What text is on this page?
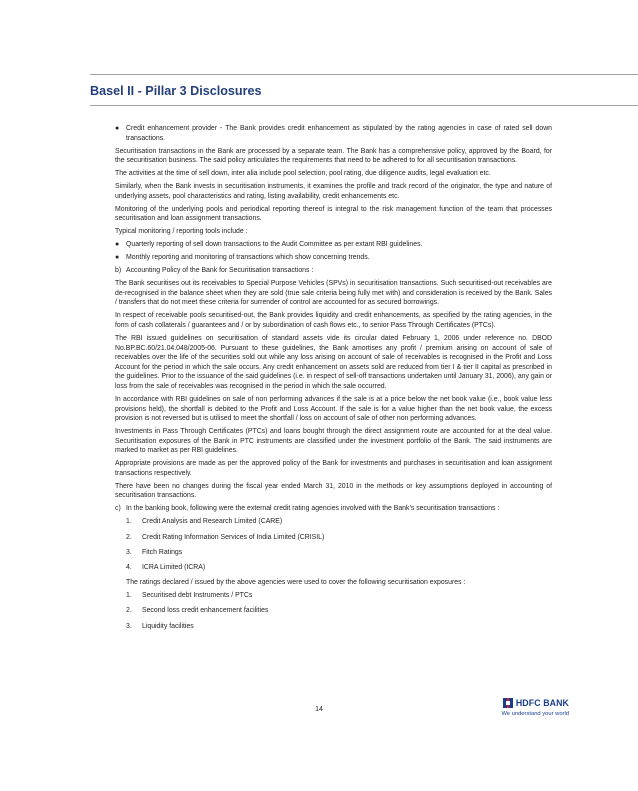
Basel II - Pillar 3 Disclosures
● Credit enhancement provider - The Bank provides credit enhancement as stipulated by the rating agencies in case of rated sell down transactions.

Securitisation transactions in the Bank are processed by a separate team. The Bank has a comprehensive policy, approved by the Board, for the securitisation business. The said policy articulates the requirements that need to be adhered to for all securitisation transactions.

The activities at the time of sell down, inter alia include pool selection, pool rating, due diligence audits, legal evaluation etc.

Similarly, when the Bank invests in securitisation instruments, it examines the profile and track record of the originator, the type and nature of underlying assets, pool characteristics and rating, listing availability, credit enhancements etc.

Monitoring of the underlying pools and periodical reporting thereof is integral to the risk management function of the team that processes securitisation and loan assignment transactions.

Typical monitoring / reporting tools include :

● Quarterly reporting of sell down transactions to the Audit Committee as per extant RBI guidelines.
● Monthly reporting and monitoring of transactions which show concerning trends.
b) Accounting Policy of the Bank for Securitisation transactions :

The Bank securitises out its receivables to Special Purpose Vehicles (SPVs) in securitisation transactions. Such securitised-out receivables are de-recognised in the balance sheet when they are sold (true sale criteria being fully met with) and consideration is received by the Bank. Sales / transfers that do not meet these criteria for surrender of control are accounted for as secured borrowings.

In respect of receivable pools securitised-out, the Bank provides liquidity and credit enhancements, as specified by the rating agencies, in the form of cash collaterals / guarantees and / or by subordination of cash flows etc., to senior Pass Through Certificates (PTCs).

The RBI issued guidelines on securitisation of standard assets vide its circular dated February 1, 2006 under reference no. DBOD No.BP.BC.60/21.04.048/2005-06. Pursuant to these guidelines, the Bank amortises any profit / premium arising on account of sale of receivables over the life of the securities sold out while any loss arising on account of sale of receivables is recognised in the Profit and Loss Account for the period in which the sale occurs. Any credit enhancement on assets sold are reduced from tier I & tier II capital as prescribed in the guidelines. Prior to the issuance of the said guidelines (i.e. in respect of sell-off transactions undertaken until January 31, 2006), any gain or loss from the sale of receivables was recognised in the period in which the sale occurred.

In accordance with RBI guidelines on sale of non performing advances if the sale is at a price below the net book value (i.e., book value less provisions held), the shortfall is debited to the Profit and Loss Account. If the sale is for a value higher than the net book value, the excess provision is not reversed but is utilised to meet the shortfall / loss on account of sale of other non performing advances.

Investments in Pass Through Certificates (PTCs) and loans bought through the direct assignment route are accounted for at the deal value. Securitisation exposures of the Bank in PTC instruments are classified under the investment portfolio of the Bank. The said instruments are marked to market as per RBI guidelines.

Appropriate provisions are made as per the approved policy of the Bank for investments and purchases in securitisation and loan assignment transactions respectively.

There have been no changes during the fiscal year ended March 31, 2010 in the methods or key assumptions deployed in accounting of securitisation transactions.

c) In the banking book, following were the external credit rating agencies involved with the Bank’s securitisation transactions :
1. Credit Analysis and Research Limited (CARE)
2. Credit Rating Information Services of India Limited (CRISIL)
3. Fitch Ratings
4. ICRA Limited (ICRA)

The ratings declared / issued by the above agencies were used to cover the following securitisation exposures :

1. Securitised debt Instruments / PTCs
2. Second loss credit enhancement facilities
3. Liquidity facilities
14
HDFC BANK
We understand your world
